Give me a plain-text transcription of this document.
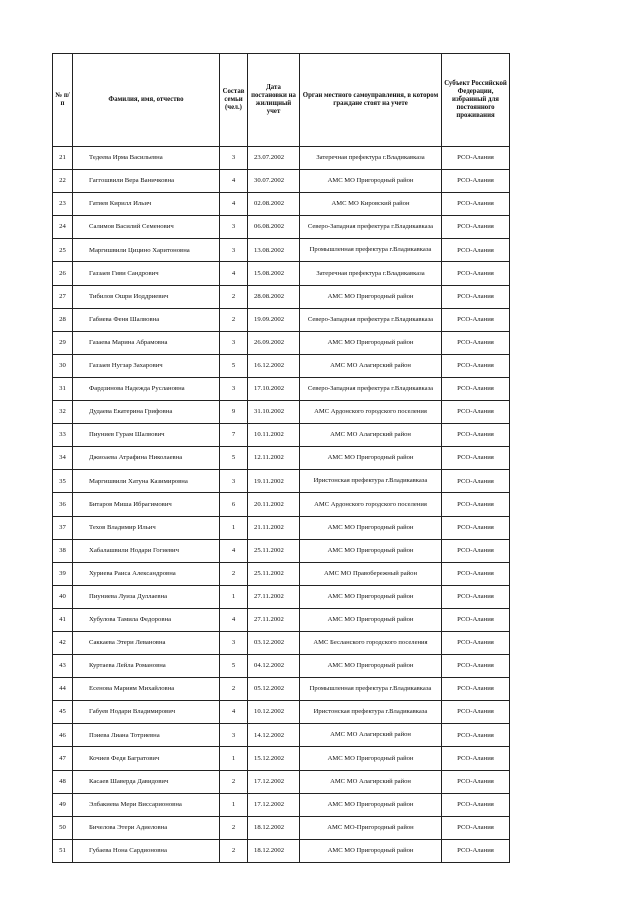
№ п/п	Фамилия, имя, отчество	Состав семьи (чел.)	Дата постановки на жилищный учет	Орган местного самоуправления, в котором граждане стоят на учете	Субъект Российской Федерации, избранный для постоянного проживания
21	Тедеева Ирма Васильевна	3	23.07.2002	Затеречная префектура г.Владикавказа	РСО-Алания
22	Гаггошвили Вера Ваничковна	4	30.07.2002	АМС МО Пригородный район	РСО-Алания
23	Гатиев Кирилл Ильич	4	02.08.2002	АМС МО Кировский район	РСО-Алания
24	Салимов Василий Семенович	3	06.08.2002	Северо-Западная префектура г.Владикавказа	РСО-Алания
25	Маргишвили Цицино Харитоновна	3	13.08.2002	Промышленная префектура г.Владикавказа	РСО-Алания
26	Газзаев Гиви Сандрович	4	15.08.2002	Затеречная префектура г.Владикавказа	РСО-Алания
27	Тибилов Ошри Иоддриевич	2	28.08.2002	АМС МО Пригородный район	РСО-Алания
28	Габиева Феня Шалвовна	2	19.09.2002	Северо-Западная префектура г.Владикавказа	РСО-Алания
29	Газаева Марина Абрамовна	3	26.09.2002	АМС МО Пригородный район	РСО-Алания
30	Газзаев Нугзар Захарович	5	16.12.2002	АМС МО Алагирский район	РСО-Алания
31	Фардзинова Надежда Руслановна	3	17.10.2002	Северо-Западная префектура г.Владикавказа	РСО-Алания
32	Дудаева Екатерина Грифовна	9	31.10.2002	АМС Ардонского городского поселения	РСО-Алания
33	Пиуниев Гурам Шалвович	7	10.11.2002	АМС МО Алагирский район	РСО-Алания
34	Джиоаева Атрафина Николаевна	5	12.11.2002	АМС МО Пригородный район	РСО-Алания
35	Маргишвили Хатуна Казимировна	3	19.11.2002	Иристонская префектура г.Владикавказа	РСО-Алания
36	Битаров Миша Ибрагимович	6	20.11.2002	АМС Ардонского городского поселения	РСО-Алания
37	Техов Владимир Ильич	1	21.11.2002	АМС МО Пригородный район	РСО-Алания
38	Хабалашвили Нодари Гогиевич	4	25.11.2002	АМС МО Пригородный район	РСО-Алания
39	Хуриева Раиса Александровна	2	25.11.2002	АМС МО Правобережный район	РСО-Алания
40	Пиуниева Луиза Дуллаевна	1	27.11.2002	АМС МО Пригородный район	РСО-Алания
41	Хубулова Тамила Федоровна	4	27.11.2002	АМС МО Пригородный район	РСО-Алания
42	Саккаева Этери Левановна	3	03.12.2002	АМС Бесланского городского поселения	РСО-Алания
43	Куртаева Лейла Романовна	5	04.12.2002	АМС МО Пригородный район	РСО-Алания
44	Есенова Мариям Михайловна	2	05.12.2002	Промышленная префектура г.Владикавказа	РСО-Алания
45	Габуев Нодари Владимирович	4	10.12.2002	Иристонская префектура г.Владикавказа	РСО-Алания
46	Пэиева Лиана Тотриевна	3	14.12.2002	АМС МО Алагирский район	РСО-Алания
47	Кочиев Федя Багратович	1	15.12.2002	АМС МО Пригородный район	РСО-Алания
48	Касаев Шаверда Давидович	2	17.12.2002	АМС МО Алагирский район	РСО-Алания
49	Элбакиева Мери Виссарионовна	1	17.12.2002	АМС МО Пригородный район	РСО-Алания
50	Бичелова Этери Адиеловна	2	18.12.2002	АМС МО-Пригородный район	РСО-Алания
51	Губаева Нона Сардионовна	2	18.12.2002	АМС МО Пригородный район	РСО-Алания
